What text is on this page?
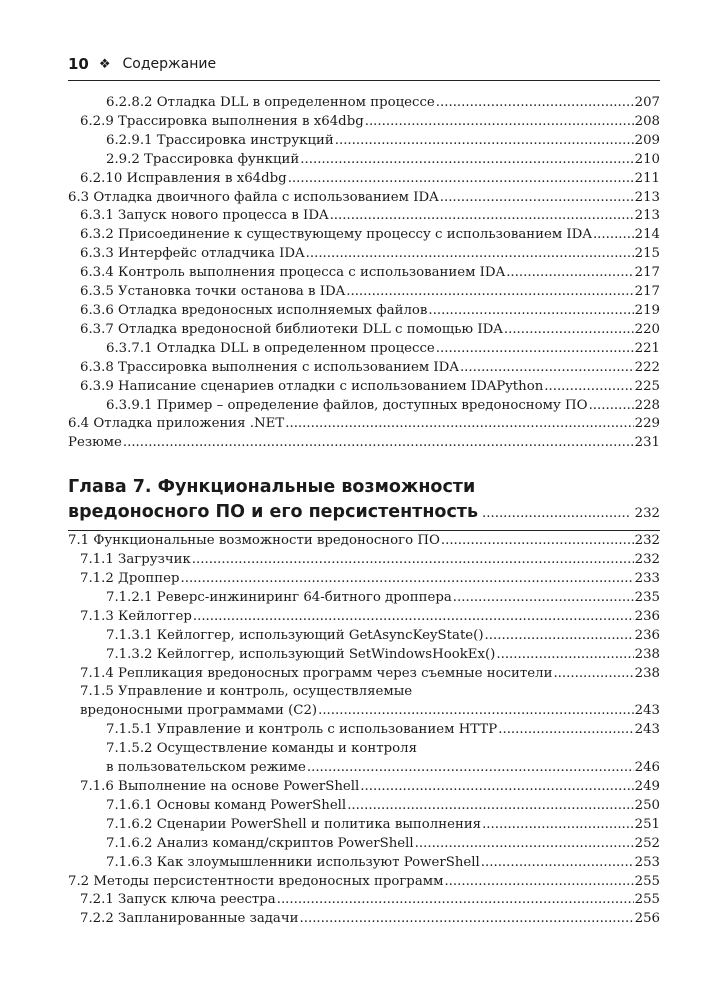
10 ❖ Содержание
6.2.8.2 Отладка DLL в определенном процессе .....	207
6.2.9 Трассировка выполнения в x64dbg .....	208
6.2.9.1 Трассировка инструкций .....	209
2.9.2 Трассировка функций .....	210
6.2.10 Исправления в x64dbg .....	211
6.3 Отладка двоичного файла с использованием IDA .....	213
6.3.1 Запуск нового процесса в IDA .....	213
6.3.2 Присоединение к существующему процессу с использованием IDA .....	214
6.3.3 Интерфейс отладчика IDA .....	215
6.3.4 Контроль выполнения процесса с использованием IDA .....	217
6.3.5 Установка точки останова в IDA .....	217
6.3.6 Отладка вредоносных исполняемых файлов .....	219
6.3.7 Отладка вредоносной библиотеки DLL с помощью IDA .....	220
6.3.7.1 Отладка DLL в определенном процессе .....	221
6.3.8 Трассировка выполнения с использованием IDA .....	222
6.3.9 Написание сценариев отладки с использованием IDAPython .....	225
6.3.9.1 Пример – определение файлов, доступных вредоносному ПО .....	228
6.4 Отладка приложения .NET .....	229
Резюме .....	231
Глава 7. Функциональные возможности
вредоносного ПО и его персистентность .....	232
7.1 Функциональные возможности вредоносного ПО .....	232
7.1.1 Загрузчик .....	232
7.1.2 Дроппер .....	233
7.1.2.1 Реверс-инжиниринг 64-битного дроппера .....	235
7.1.3 Кейлоггер .....	236
7.1.3.1 Кейлоггер, использующий GetAsyncKeyState() .....	236
7.1.3.2 Кейлоггер, использующий SetWindowsHookEx() .....	238
7.1.4 Репликация вредоносных программ через съемные носители .....	238
7.1.5 Управление и контроль, осуществляемые
вредоносными программами (C2) .....	243
7.1.5.1 Управление и контроль с использованием HTTP .....	243
7.1.5.2 Осуществление команды и контроля
в пользовательском режиме .....	246
7.1.6 Выполнение на основе PowerShell .....	249
7.1.6.1 Основы команд PowerShell .....	250
7.1.6.2 Сценарии PowerShell и политика выполнения .....	251
7.1.6.2 Анализ команд/скриптов PowerShell .....	252
7.1.6.3 Как злоумышленники используют PowerShell .....	253
7.2 Методы персистентности вредоносных программ .....	255
7.2.1 Запуск ключа реестра .....	255
7.2.2 Запланированные задачи .....	256
